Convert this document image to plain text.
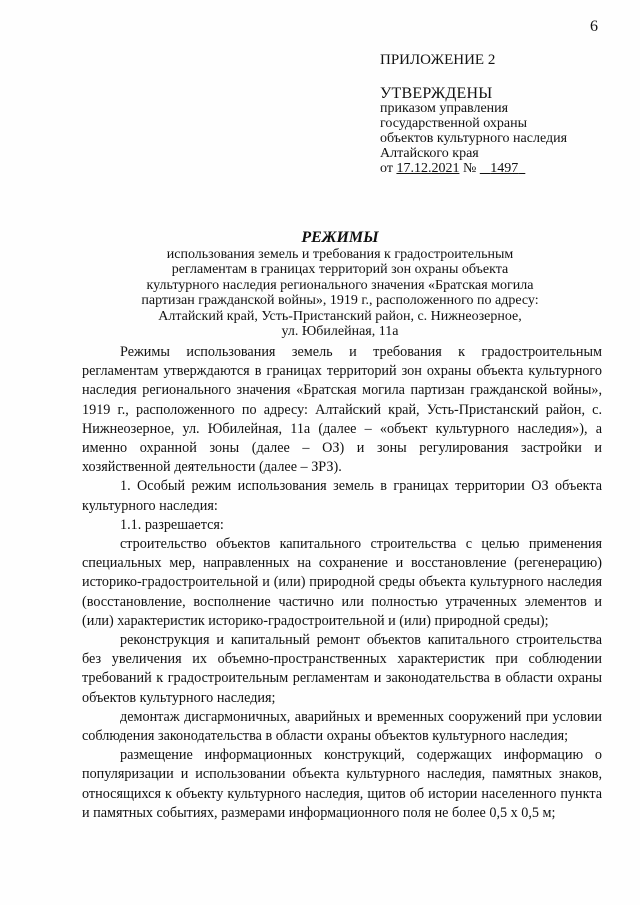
6
ПРИЛОЖЕНИЕ 2
УТВЕРЖДЕНЫ
приказом управления
государственной охраны
объектов культурного наследия
Алтайского края
от 17.12.2021 № 1497
РЕЖИМЫ
использования земель и требования к градостроительным
регламентам в границах территорий зон охраны объекта
культурного наследия регионального значения «Братская могила
партизан гражданской войны», 1919 г., расположенного по адресу:
Алтайский край, Усть-Пристанский район, с. Нижнеозерное,
ул. Юбилейная, 11а

Режимы использования земель и требования к градостроительным регламентам утверждаются в границах территорий зон охраны объекта культурного наследия регионального значения «Братская могила партизан гражданской войны», 1919 г., расположенного по адресу: Алтайский край, Усть-Пристанский район, с. Нижнеозерное, ул. Юбилейная, 11а (далее – «объект культурного наследия»), а именно охранной зоны (далее – ОЗ) и зоны регулирования застройки и хозяйственной деятельности (далее – ЗРЗ).

1. Особый режим использования земель в границах территории ОЗ объекта культурного наследия:

1.1. разрешается:

строительство объектов капитального строительства с целью применения специальных мер, направленных на сохранение и восстановление (регенерацию) историко-градостроительной и (или) природной среды объекта культурного наследия (восстановление, восполнение частично или полностью утраченных элементов и (или) характеристик историко-градостроительной и (или) природной среды);

реконструкция и капитальный ремонт объектов капитального строительства без увеличения их объемно-пространственных характеристик при соблюдении требований к градостроительным регламентам и законодательства в области охраны объектов культурного наследия;

демонтаж дисгармоничных, аварийных и временных сооружений при условии соблюдения законодательства в области охраны объектов культурного наследия;

размещение информационных конструкций, содержащих информацию о популяризации и использовании объекта культурного наследия, памятных знаков, относящихся к объекту культурного наследия, щитов об истории населенного пункта и памятных событиях, размерами информационного поля не более 0,5 х 0,5 м;
